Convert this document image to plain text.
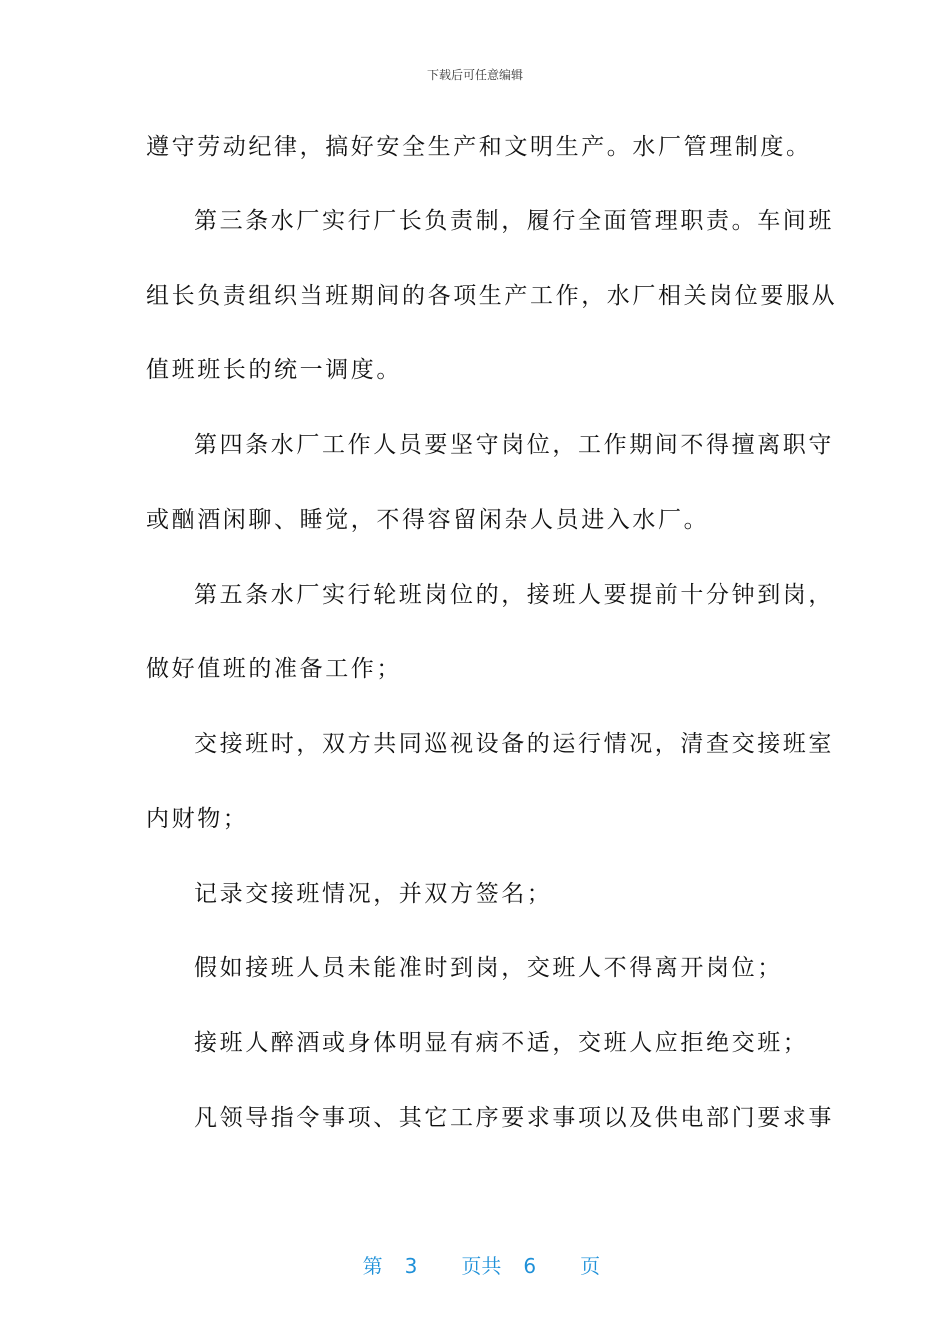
下载后可任意编辑
遵守劳动纪律，搞好安全生产和文明生产。水厂管理制度。
第三条水厂实行厂长负责制，履行全面管理职责。车间班
组长负责组织当班期间的各项生产工作，水厂相关岗位要服从
值班班长的统一调度。
第四条水厂工作人员要坚守岗位，工作期间不得擅离职守
或酗酒闲聊、睡觉，不得容留闲杂人员进入水厂。
第五条水厂实行轮班岗位的，接班人要提前十分钟到岗，
做好值班的准备工作；
交接班时，双方共同巡视设备的运行情况，清查交接班室
内财物；
记录交接班情况，并双方签名；
假如接班人员未能准时到岗，交班人不得离开岗位；
接班人醉酒或身体明显有病不适，交班人应拒绝交班；
凡领导指令事项、其它工序要求事项以及供电部门要求事

第 3 页共 6 页
